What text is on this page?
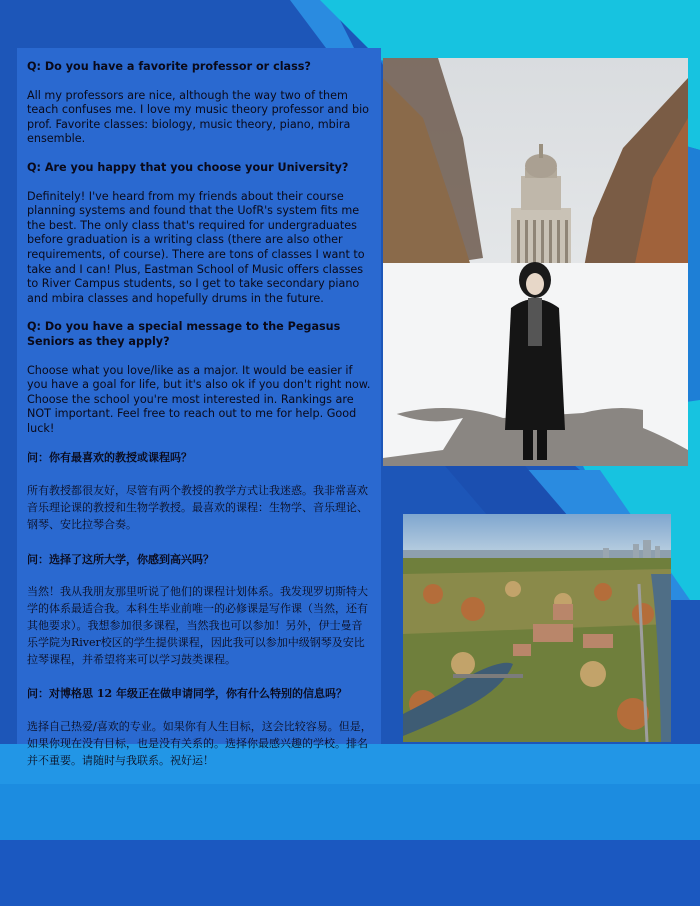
Q: Do you have a favorite professor or class?
All my professors are nice, although the way two of them teach confuses me. I love my music theory professor and bio prof. Favorite classes: biology, music theory, piano, mbira ensemble.
Q: Are you happy that you choose your University?
Definitely! I've heard from my friends about their course planning systems and found that the UofR's system fits me the best. The only class that's required for undergraduates before graduation is a writing class (there are also other requirements, of course). There are tons of classes I want to take and I can! Plus, Eastman School of Music offers classes to River Campus students, so I get to take secondary piano and mbira classes and hopefully drums in the future.
Q: Do you have a special message to the Pegasus Seniors as they apply?
Choose what you love/like as a major. It would be easier if you have a goal for life, but it's also ok if you don't right now. Choose the school you're most interested in. Rankings are NOT important. Feel free to reach out to me for help. Good luck!
问：你有最喜欢的教授或课程吗？
所有教授都很友好，尽管有两个教授的教学方式让我迷惑。我非常喜欢音乐理论课的教授和生物学教授。最喜欢的课程：生物学、音乐理论、钢琴、安比拉琴合奏。
问：选择了这所大学，你感到高兴吗？
当然！我从我朋友那里听说了他们的课程计划体系。我发现罗切斯特大学的体系最适合我。本科生毕业前唯一的必修课是写作课（当然，还有其他要求）。我想参加很多课程，当然我也可以参加！另外，伊士曼音乐学院为River校区的学生提供课程，因此我可以参加中级钢琴及安比拉琴课程，并希望将来可以学习鼓类课程。
问：对博格思 12 年级正在做申请同学，你有什么特别的信息吗？
选择自己热爱/喜欢的专业。如果你有人生目标，这会比较容易。但是，如果你现在没有目标，也是没有关系的。选择你最感兴趣的学校。排名并不重要。请随时与我联系。祝好运！
